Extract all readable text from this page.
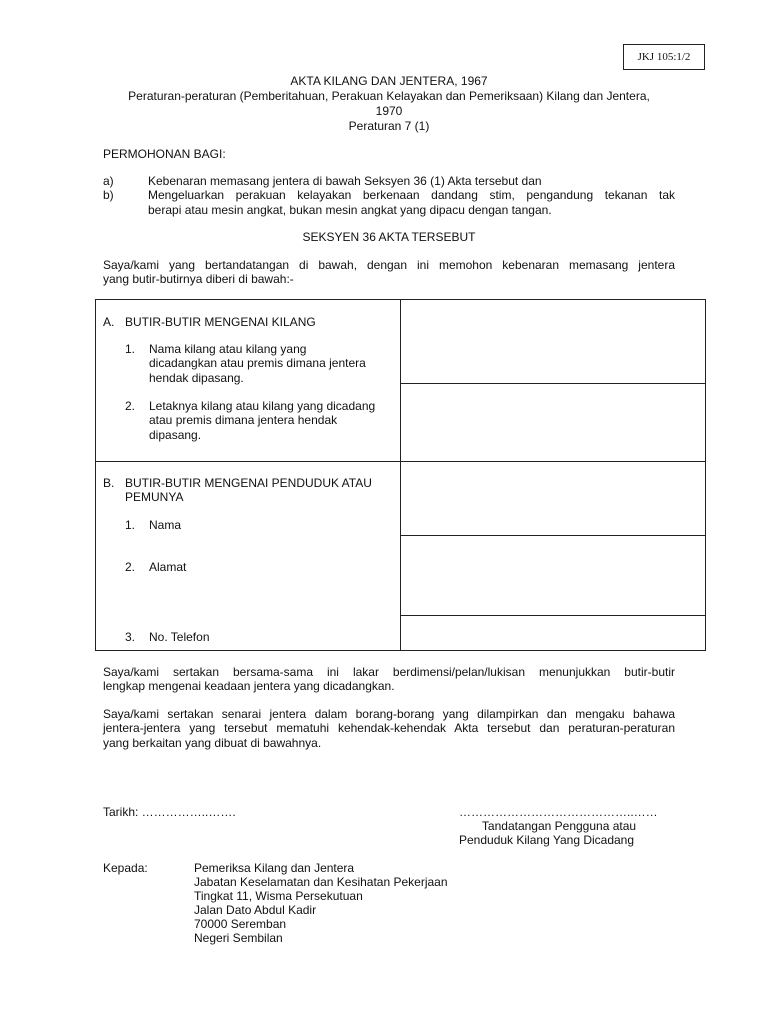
JKJ 105:1/2
AKTA KILANG DAN JENTERA, 1967
Peraturan-peraturan (Pemberitahuan, Perakuan Kelayakan dan Pemeriksaan) Kilang dan Jentera,
1970
Peraturan 7 (1)
PERMOHONAN BAGI:
a)	Kebenaran memasang jentera di bawah Seksyen 36 (1) Akta tersebut dan
b)	Mengeluarkan perakuan kelayakan berkenaan dandang stim, pengandung tekanan tak
berapi atau mesin angkat, bukan mesin angkat yang dipacu dengan tangan.
SEKSYEN 36 AKTA TERSEBUT
Saya/kami yang bertandatangan di bawah, dengan ini memohon kebenaran memasang jentera
yang butir-butirnya diberi di bawah:-
A. BUTIR-BUTIR MENGENAI KILANG
1. Nama kilang atau kilang yang
dicadangkan atau premis dimana jentera
hendak dipasang.
2. Letaknya kilang atau kilang yang dicadang
atau premis dimana jentera hendak
dipasang.
B. BUTIR-BUTIR MENGENAI PENDUDUK ATAU
PEMUNYA
1. Nama
2. Alamat
3. No. Telefon
Saya/kami sertakan bersama-sama ini lakar berdimensi/pelan/lukisan menunjukkan butir-butir
lengkap mengenai keadaan jentera yang dicadangkan.
Saya/kami sertakan senarai jentera dalam borang-borang yang dilampirkan dan mengaku bahawa
jentera-jentera yang tersebut mematuhi kehendak-kehendak Akta tersebut dan peraturan-peraturan
yang berkaitan yang dibuat di bawahnya.
Tarikh: ……………..…….	……………………………………..……
Tandatangan Pengguna atau
Penduduk Kilang Yang Dicadang
Kepada:	Pemeriksa Kilang dan Jentera
Jabatan Keselamatan dan Kesihatan Pekerjaan
Tingkat 11, Wisma Persekutuan
Jalan Dato Abdul Kadir
70000 Seremban
Negeri Sembilan
